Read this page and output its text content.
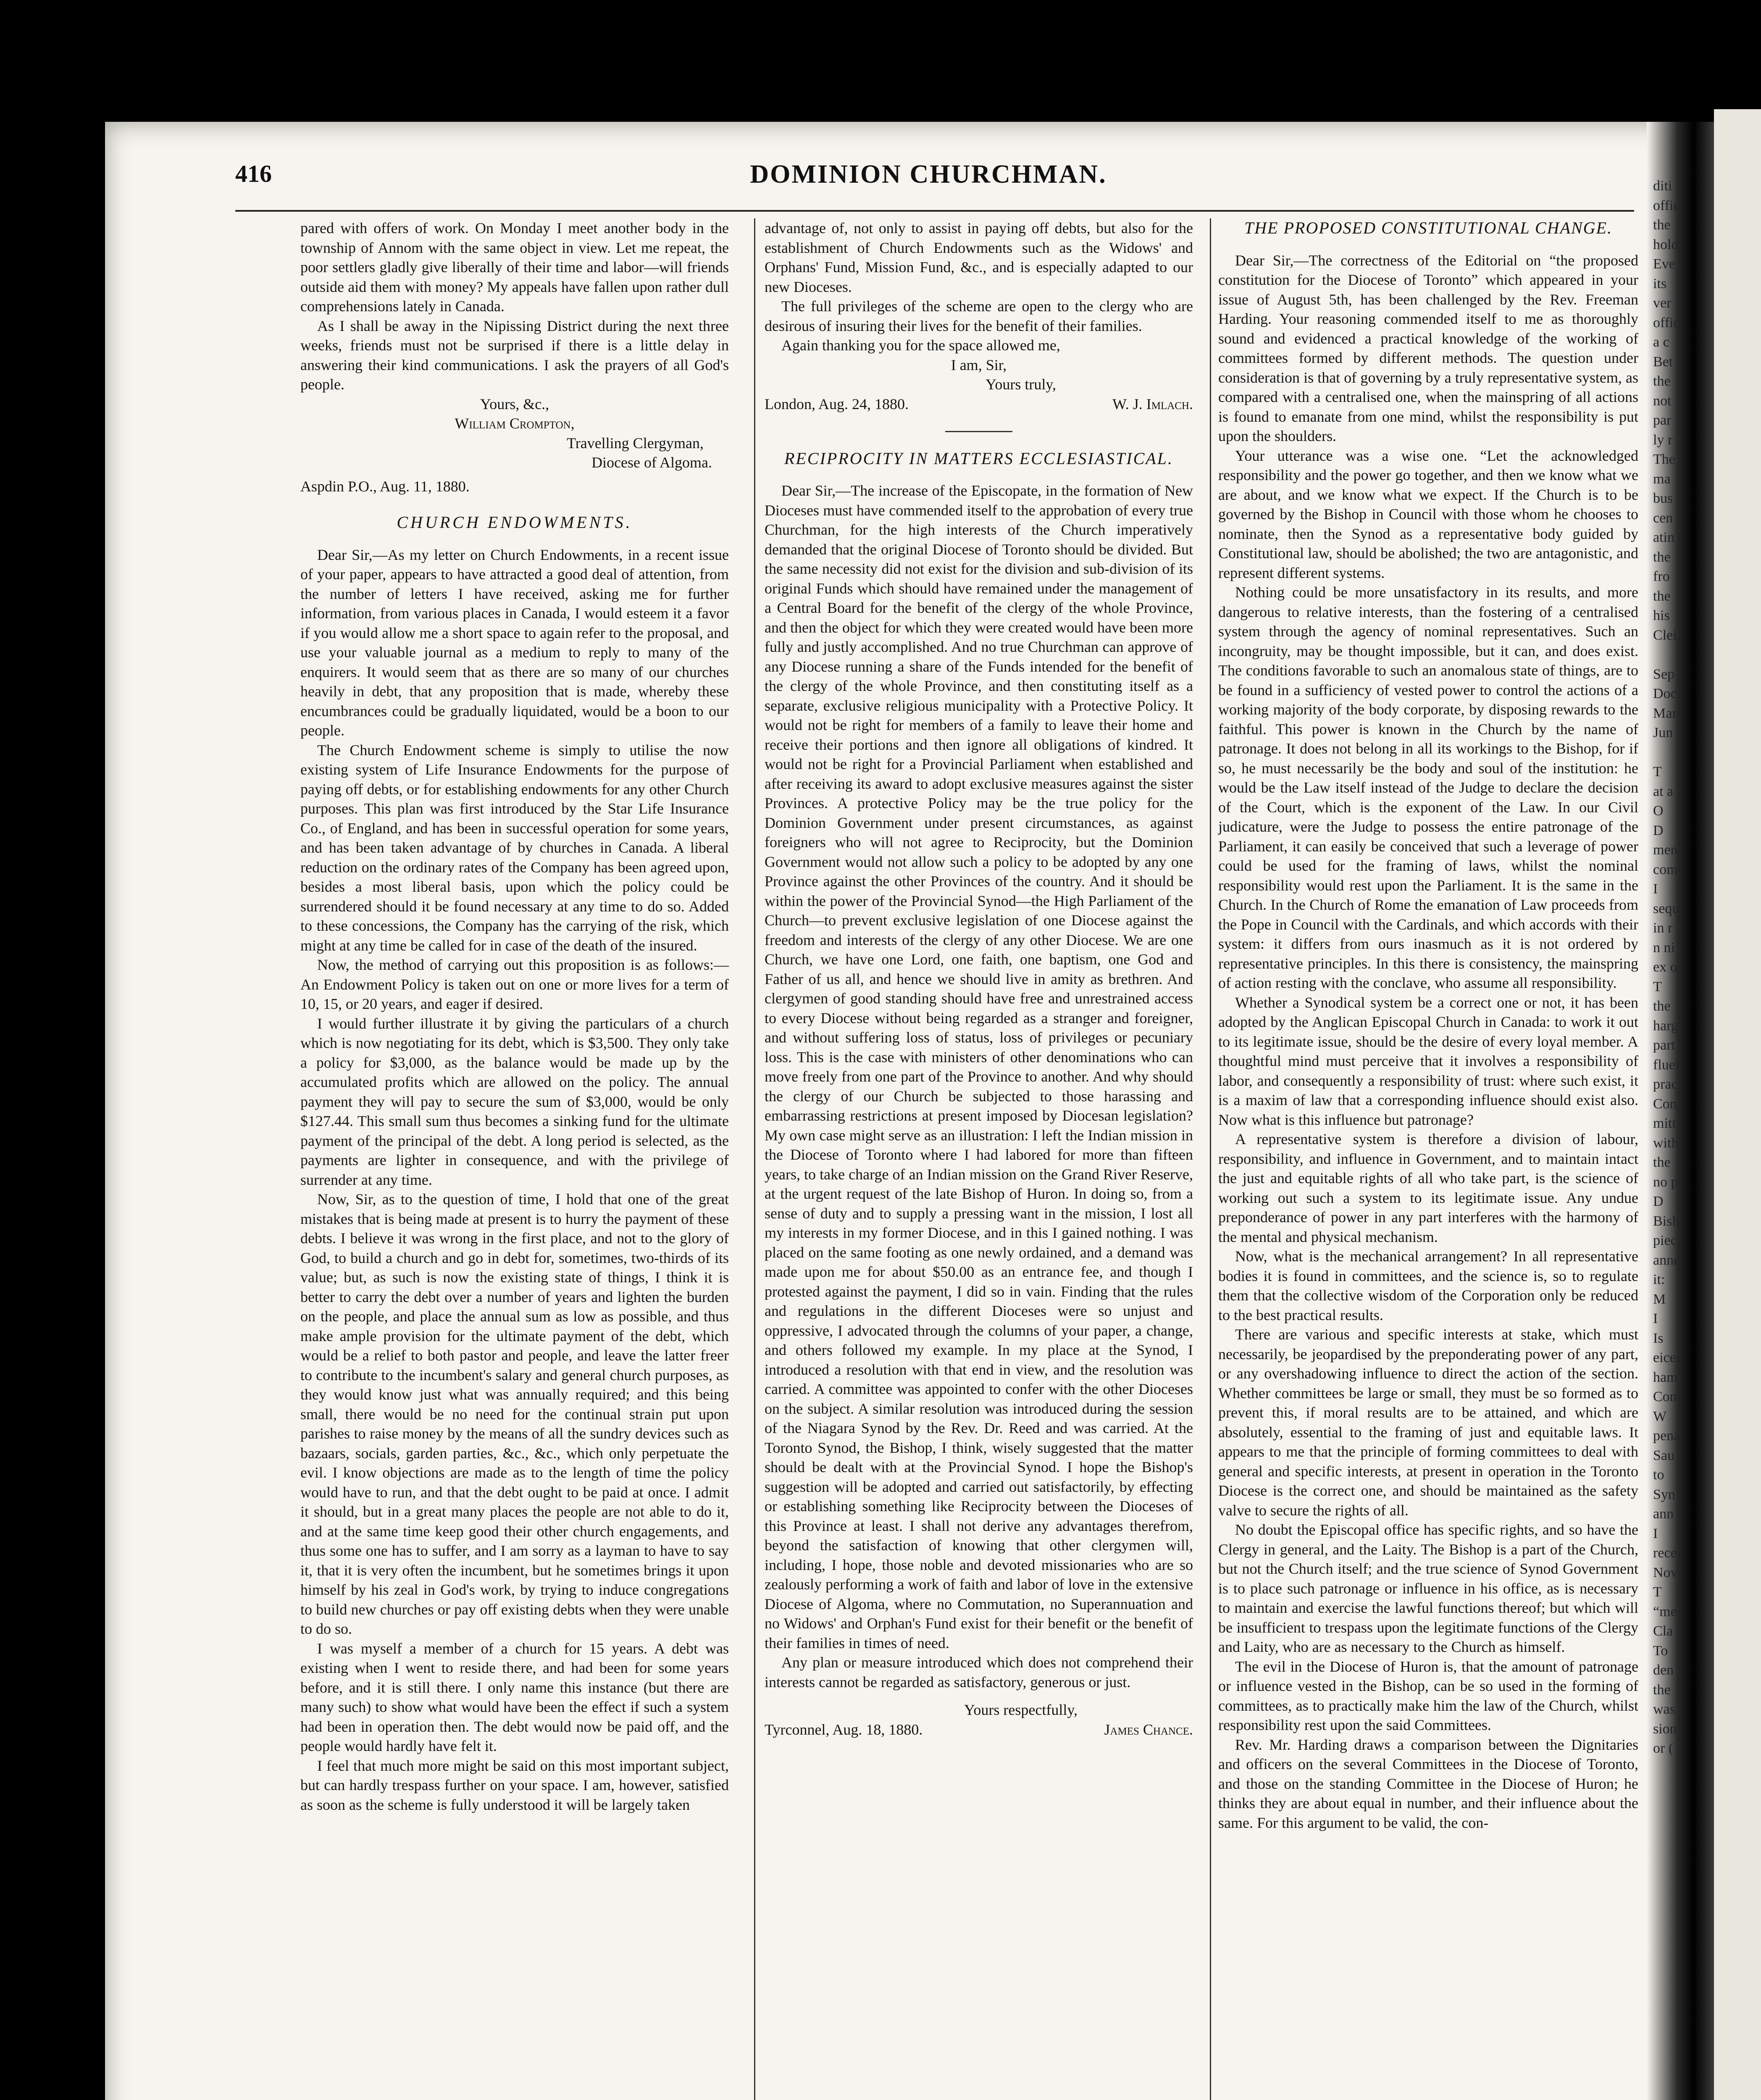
416	DOMINION CHURCHMAN.

pared with offers of work. On Monday I meet another body in the township of Annom with the same object in view. Let me repeat, the poor settlers gladly give liberally of their time and labor—will friends outside aid them with money? My appeals have fallen upon rather dull comprehensions lately in Canada.

As I shall be away in the Nipissing District during the next three weeks, friends must not be surprised if there is a little delay in answering their kind communications. I ask the prayers of all God's people.

Yours, &c.,

William Crompton,

Travelling Clergyman,

Diocese of Algoma.

Aspdin P.O., Aug. 11, 1880.

CHURCH ENDOWMENTS.

Dear Sir,—As my letter on Church Endowments, in a recent issue of your paper, appears to have attracted a good deal of attention, from the number of letters I have received, asking me for further information, from various places in Canada, I would esteem it a favor if you would allow me a short space to again refer to the proposal, and use your valuable journal as a medium to reply to many of the enquirers. It would seem that as there are so many of our churches heavily in debt, that any proposition that is made, whereby these encumbrances could be gradually liquidated, would be a boon to our people.

The Church Endowment scheme is simply to utilise the now existing system of Life Insurance Endowments for the purpose of paying off debts, or for establishing endowments for any other Church purposes. This plan was first introduced by the Star Life Insurance Co., of England, and has been in successful operation for some years, and has been taken advantage of by churches in Canada. A liberal reduction on the ordinary rates of the Company has been agreed upon, besides a most liberal basis, upon which the policy could be surrendered should it be found necessary at any time to do so. Added to these concessions, the Company has the carrying of the risk, which might at any time be called for in case of the death of the insured.

Now, the method of carrying out this proposition is as follows:—An Endowment Policy is taken out on one or more lives for a term of 10, 15, or 20 years, and eager if desired.

I would further illustrate it by giving the particulars of a church which is now negotiating for its debt, which is $3,500. They only take a policy for $3,000, as the balance would be made up by the accumulated profits which are allowed on the policy. The annual payment they will pay to secure the sum of $3,000, would be only $127.44. This small sum thus becomes a sinking fund for the ultimate payment of the principal of the debt. A long period is selected, as the payments are lighter in consequence, and with the privilege of surrender at any time.

Now, Sir, as to the question of time, I hold that one of the great mistakes that is being made at present is to hurry the payment of these debts. I believe it was wrong in the first place, and not to the glory of God, to build a church and go in debt for, sometimes, two-thirds of its value; but, as such is now the existing state of things, I think it is better to carry the debt over a number of years and lighten the burden on the people, and place the annual sum as low as possible, and thus make ample provision for the ultimate payment of the debt, which would be a relief to both pastor and people, and leave the latter freer to contribute to the incumbent's salary and general church purposes, as they would know just what was annually required; and this being small, there would be no need for the continual strain put upon parishes to raise money by the means of all the sundry devices such as bazaars, socials, garden parties, &c., &c., which only perpetuate the evil. I know objections are made as to the length of time the policy would have to run, and that the debt ought to be paid at once. I admit it should, but in a great many places the people are not able to do it, and at the same time keep good their other church engagements, and thus some one has to suffer, and I am sorry as a layman to have to say it, that it is very often the incumbent, but he sometimes brings it upon himself by his zeal in God's work, by trying to induce congregations to build new churches or pay off existing debts when they were unable to do so.

I was myself a member of a church for 15 years. A debt was existing when I went to reside there, and had been for some years before, and it is still there. I only name this instance (but there are many such) to show what would have been the effect if such a system had been in operation then. The debt would now be paid off, and the people would hardly have felt it.

I feel that much more might be said on this most important subject, but can hardly trespass further on your space. I am, however, satisfied as soon as the scheme is fully understood it will be largely taken

advantage of, not only to assist in paying off debts, but also for the establishment of Church Endowments such as the Widows' and Orphans' Fund, Mission Fund, &c., and is especially adapted to our new Dioceses.

The full privileges of the scheme are open to the clergy who are desirous of insuring their lives for the benefit of their families.

Again thanking you for the space allowed me,

I am, Sir,

Yours truly,

W. J. Imlach.

London, Aug. 24, 1880.

RECIPROCITY IN MATTERS ECCLESIASTICAL.

Dear Sir,—The increase of the Episcopate, in the formation of New Dioceses must have commended itself to the approbation of every true Churchman, for the high interests of the Church imperatively demanded that the original Diocese of Toronto should be divided. But the same necessity did not exist for the division and sub-division of its original Funds which should have remained under the management of a Central Board for the benefit of the clergy of the whole Province, and then the object for which they were created would have been more fully and justly accomplished. And no true Churchman can approve of any Diocese running a share of the Funds intended for the benefit of the clergy of the whole Province, and then constituting itself as a separate, exclusive religious municipality with a Protective Policy. It would not be right for members of a family to leave their home and receive their portions and then ignore all obligations of kindred. It would not be right for a Provincial Parliament when established and after receiving its award to adopt exclusive measures against the sister Provinces. A protective Policy may be the true policy for the Dominion Government under present circumstances, as against foreigners who will not agree to Reciprocity, but the Dominion Government would not allow such a policy to be adopted by any one Province against the other Provinces of the country. And it should be within the power of the Provincial Synod—the High Parliament of the Church—to prevent exclusive legislation of one Diocese against the freedom and interests of the clergy of any other Diocese. We are one Church, we have one Lord, one faith, one baptism, one God and Father of us all, and hence we should live in amity as brethren. And clergymen of good standing should have free and unrestrained access to every Diocese without being regarded as a stranger and foreigner, and without suffering loss of status, loss of privileges or pecuniary loss. This is the case with ministers of other denominations who can move freely from one part of the Province to another. And why should the clergy of our Church be subjected to those harassing and embarrassing restrictions at present imposed by Diocesan legislation? My own case might serve as an illustration: I left the Indian mission in the Diocese of Toronto where I had labored for more than fifteen years, to take charge of an Indian mission on the Grand River Reserve, at the urgent request of the late Bishop of Huron. In doing so, from a sense of duty and to supply a pressing want in the mission, I lost all my interests in my former Diocese, and in this I gained nothing. I was placed on the same footing as one newly ordained, and a demand was made upon me for about $50.00 as an entrance fee, and though I protested against the payment, I did so in vain. Finding that the rules and regulations in the different Dioceses were so unjust and oppressive, I advocated through the columns of your paper, a change, and others followed my example. In my place at the Synod, I introduced a resolution with that end in view, and the resolution was carried. A committee was appointed to confer with the other Dioceses on the subject. A similar resolution was introduced during the session of the Niagara Synod by the Rev. Dr. Reed and was carried. At the Toronto Synod, the Bishop, I think, wisely suggested that the matter should be dealt with at the Provincial Synod. I hope the Bishop's suggestion will be adopted and carried out satisfactorily, by effecting or establishing something like Reciprocity between the Dioceses of this Province at least. I shall not derive any advantages therefrom, beyond the satisfaction of knowing that other clergymen will, including, I hope, those noble and devoted missionaries who are so zealously performing a work of faith and labor of love in the extensive Diocese of Algoma, where no Commutation, no Superannuation and no Widows' and Orphan's Fund exist for their benefit or the benefit of their families in times of need.

Any plan or measure introduced which does not comprehend their interests cannot be regarded as satisfactory, generous or just.

Yours respectfully,

James Chance.

Tyrconnel, Aug. 18, 1880.

THE PROPOSED CONSTITUTIONAL CHANGE.

Dear Sir,—The correctness of the Editorial on “the proposed constitution for the Diocese of Toronto” which appeared in your issue of August 5th, has been challenged by the Rev. Freeman Harding. Your reasoning commended itself to me as thoroughly sound and evidenced a practical knowledge of the working of committees formed by different methods. The question under consideration is that of governing by a truly representative system, as compared with a centralised one, when the mainspring of all actions is found to emanate from one mind, whilst the responsibility is put upon the shoulders.

Your utterance was a wise one. “Let the acknowledged responsibility and the power go together, and then we know what we are about, and we know what we expect. If the Church is to be governed by the Bishop in Council with those whom he chooses to nominate, then the Synod as a representative body guided by Constitutional law, should be abolished; the two are antagonistic, and represent different systems.

Nothing could be more unsatisfactory in its results, and more dangerous to relative interests, than the fostering of a centralised system through the agency of nominal representatives. Such an incongruity, may be thought impossible, but it can, and does exist. The conditions favorable to such an anomalous state of things, are to be found in a sufficiency of vested power to control the actions of a working majority of the body corporate, by disposing rewards to the faithful. This power is known in the Church by the name of patronage. It does not belong in all its workings to the Bishop, for if so, he must necessarily be the body and soul of the institution: he would be the Law itself instead of the Judge to declare the decision of the Court, which is the exponent of the Law. In our Civil judicature, were the Judge to possess the entire patronage of the Parliament, it can easily be conceived that such a leverage of power could be used for the framing of laws, whilst the nominal responsibility would rest upon the Parliament. It is the same in the Church. In the Church of Rome the emanation of Law proceeds from the Pope in Council with the Cardinals, and which accords with their system: it differs from ours inasmuch as it is not ordered by representative principles. In this there is consistency, the mainspring of action resting with the conclave, who assume all responsibility.

Whether a Synodical system be a correct one or not, it has been adopted by the Anglican Episcopal Church in Canada: to work it out to its legitimate issue, should be the desire of every loyal member. A thoughtful mind must perceive that it involves a responsibility of labor, and consequently a responsibility of trust: where such exist, it is a maxim of law that a corresponding influence should exist also. Now what is this influence but patronage?

A representative system is therefore a division of labour, responsibility, and influence in Government, and to maintain intact the just and equitable rights of all who take part, is the science of working out such a system to its legitimate issue. Any undue preponderance of power in any part interferes with the harmony of the mental and physical mechanism.

Now, what is the mechanical arrangement? In all representative bodies it is found in committees, and the science is, so to regulate them that the collective wisdom of the Corporation only be reduced to the best practical results.

There are various and specific interests at stake, which must necessarily, be jeopardised by the preponderating power of any part, or any overshadowing influence to direct the action of the section. Whether committees be large or small, they must be so formed as to prevent this, if moral results are to be attained, and which are absolutely, essential to the framing of just and equitable laws. It appears to me that the principle of forming committees to deal with general and specific interests, at present in operation in the Toronto Diocese is the correct one, and should be maintained as the safety valve to secure the rights of all.

No doubt the Episcopal office has specific rights, and so have the Clergy in general, and the Laity. The Bishop is a part of the Church, but not the Church itself; and the true science of Synod Government is to place such patronage or influence in his office, as is necessary to maintain and exercise the lawful functions thereof; but which will be insufficient to trespass upon the legitimate functions of the Clergy and Laity, who are as necessary to the Church as himself.

The evil in the Diocese of Huron is, that the amount of patronage or influence vested in the Bishop, can be so used in the forming of committees, as to practically make him the law of the Church, whilst responsibility rest upon the said Committees.

Rev. Mr. Harding draws a comparison between the Dignitaries and officers on the several Committees in the Diocese of Toronto, and those on the standing Committee in the Diocese of Huron; he thinks they are about equal in number, and their influence about the same. For this argument to be valid, the con-

diti
offic
the
hold
Eve
its
ver
offic
a c
Bet
the
not
par
ly r
The
ma
bus
cen
atin
the
fro
the
his
Clei

Sep
Doc
Mar
Jun

T
at a
O
D
men
comi
I
sequ
in r
n ni
ex o
T
the
harg
part
fluei
prac
Con
mitt
with
the
no p
D
Bish
piec
anne
it:
M
I
Is
eicer
ham
Com
W
pena
Sau
to
Syn
ann
I
rece
Nov
T
“me
Cla
To
den
the
was
sion
or (
